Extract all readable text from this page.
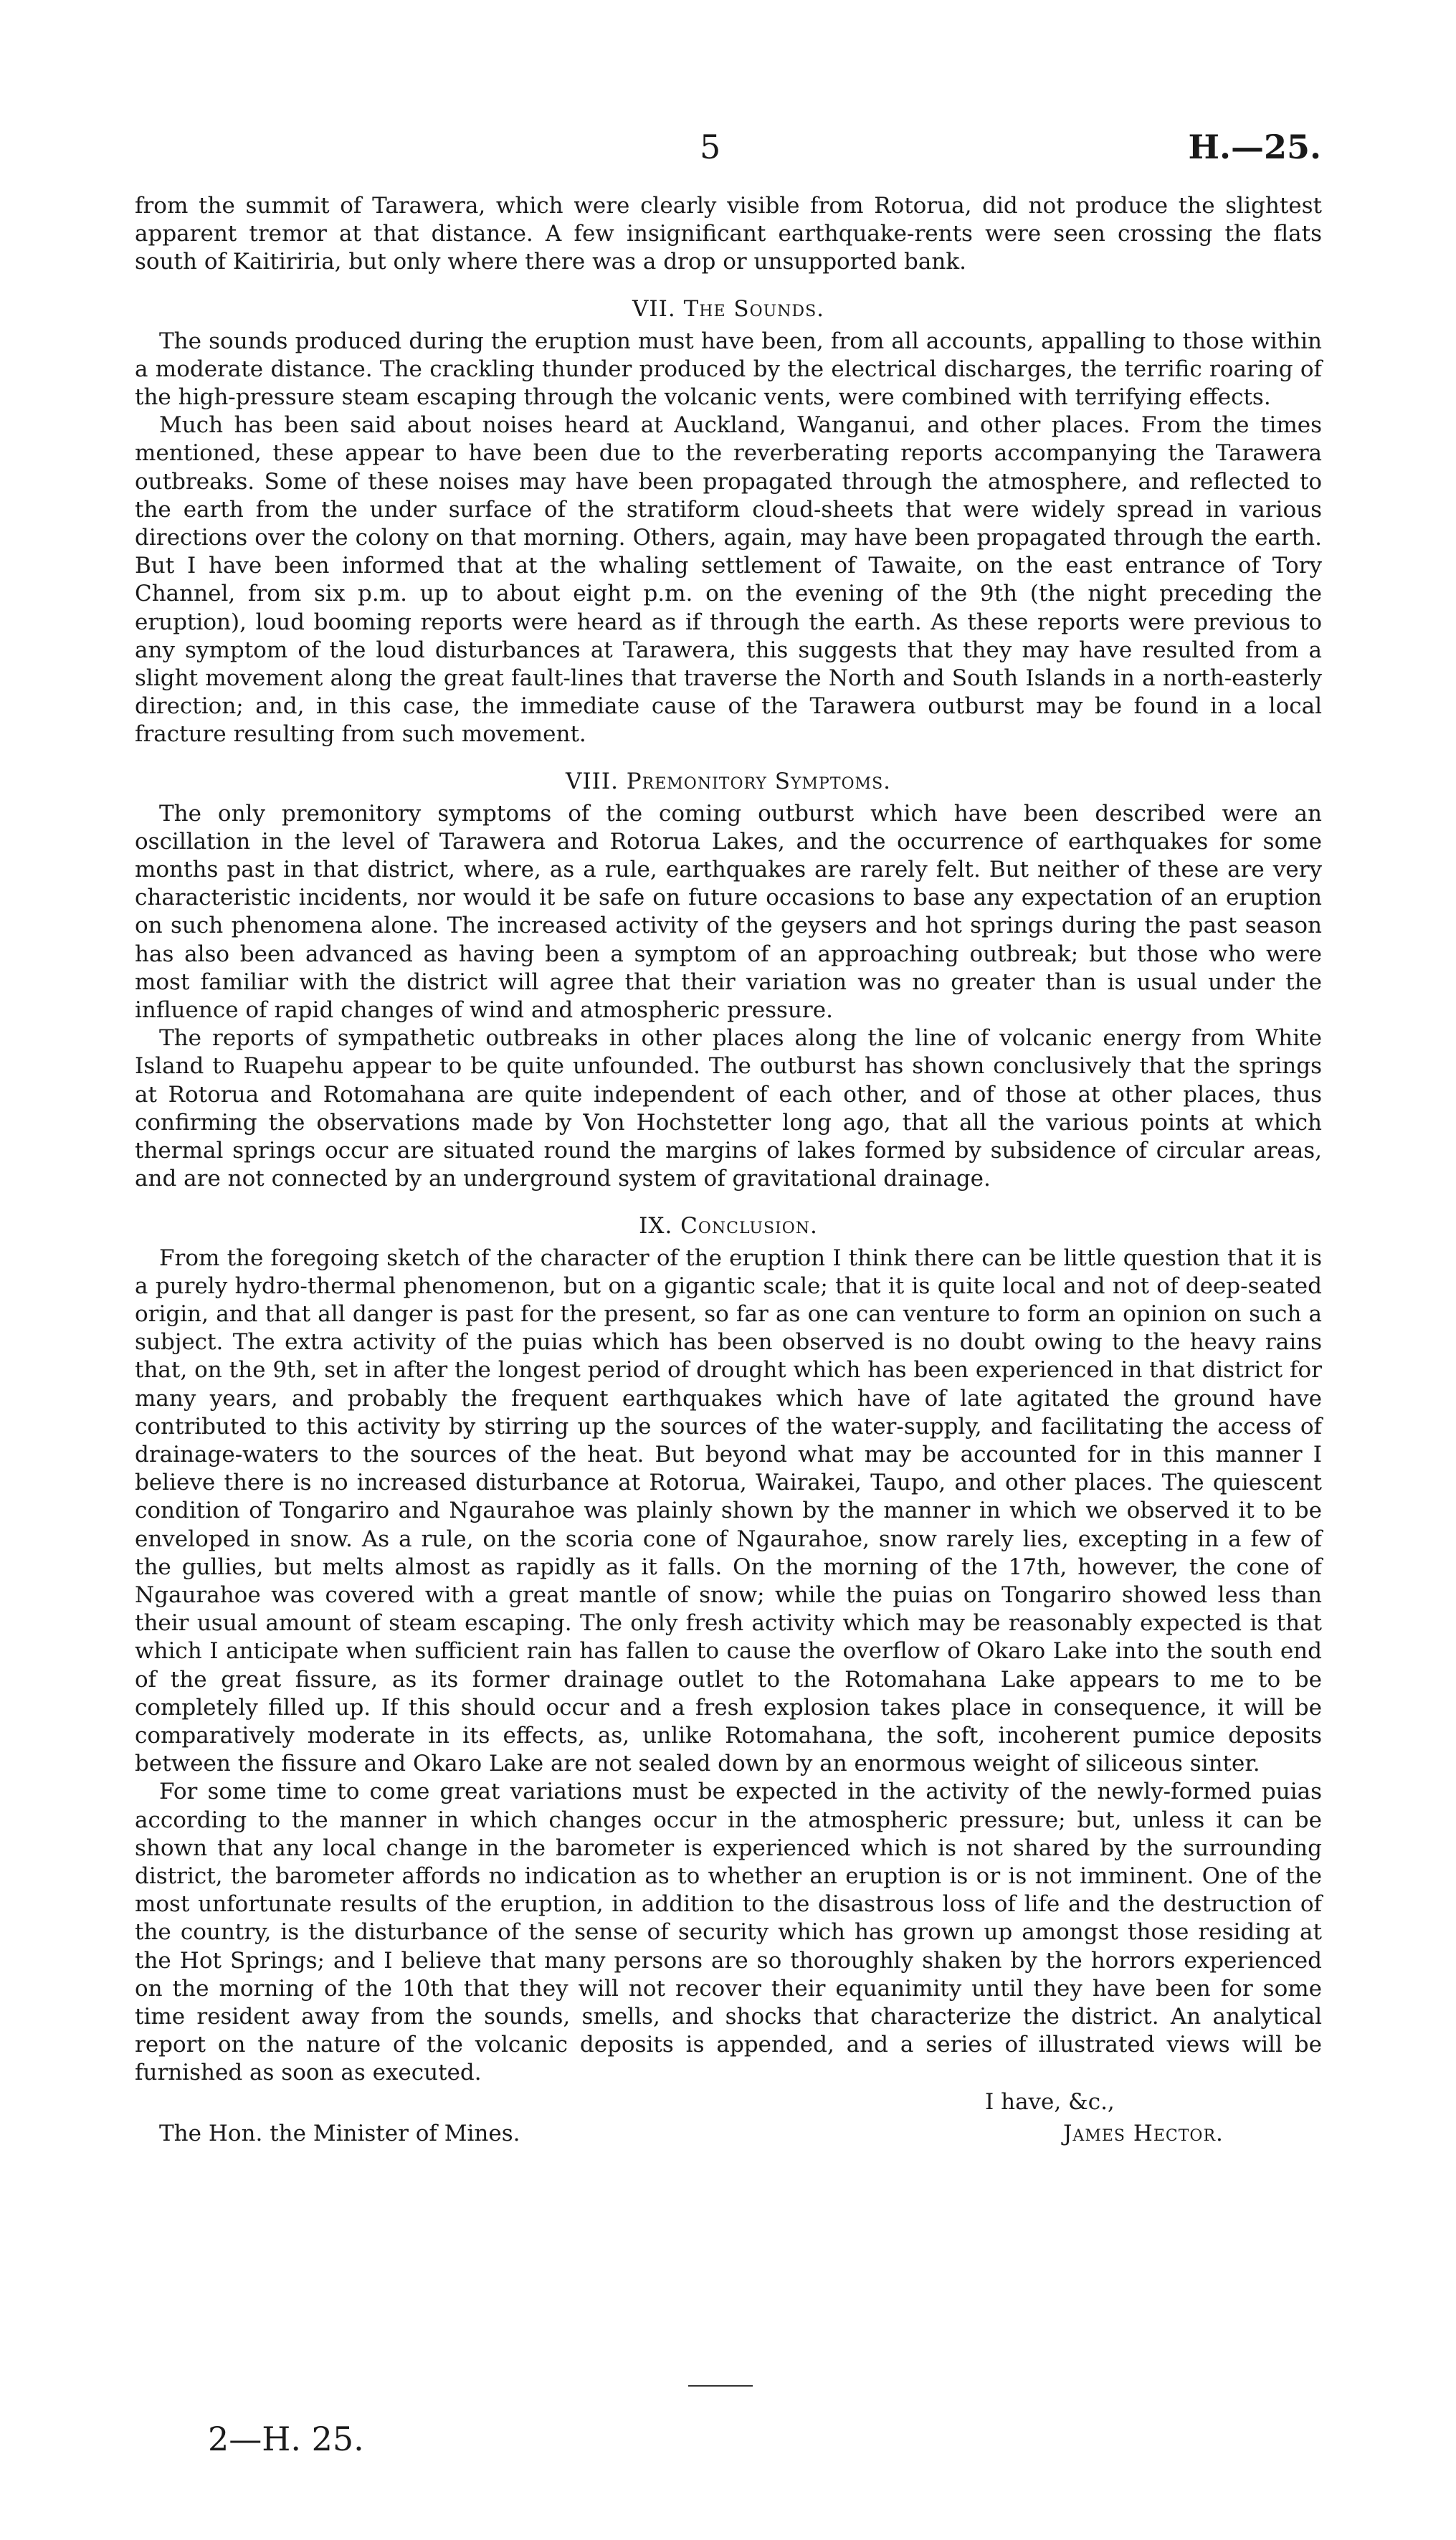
5	H.—25.

from the summit of Tarawera, which were clearly visible from Rotorua, did not produce the slightest apparent tremor at that distance. A few insignificant earthquake-rents were seen crossing the flats south of Kaitiriria, but only where there was a drop or unsupported bank.

VII. The Sounds.

The sounds produced during the eruption must have been, from all accounts, appalling to those within a moderate distance. The crackling thunder produced by the electrical discharges, the terrific roaring of the high-pressure steam escaping through the volcanic vents, were combined with terrifying effects.

Much has been said about noises heard at Auckland, Wanganui, and other places. From the times mentioned, these appear to have been due to the reverberating reports accompanying the Tarawera outbreaks. Some of these noises may have been propagated through the atmosphere, and reflected to the earth from the under surface of the stratiform cloud-sheets that were widely spread in various directions over the colony on that morning. Others, again, may have been propagated through the earth. But I have been informed that at the whaling settlement of Tawaite, on the east entrance of Tory Channel, from six p.m. up to about eight p.m. on the evening of the 9th (the night preceding the eruption), loud booming reports were heard as if through the earth. As these reports were previous to any symptom of the loud disturbances at Tarawera, this suggests that they may have resulted from a slight movement along the great fault-lines that traverse the North and South Islands in a north-easterly direction; and, in this case, the immediate cause of the Tarawera outburst may be found in a local fracture resulting from such movement.

VIII. Premonitory Symptoms.

The only premonitory symptoms of the coming outburst which have been described were an oscillation in the level of Tarawera and Rotorua Lakes, and the occurrence of earthquakes for some months past in that district, where, as a rule, earthquakes are rarely felt. But neither of these are very characteristic incidents, nor would it be safe on future occasions to base any expectation of an eruption on such phenomena alone. The increased activity of the geysers and hot springs during the past season has also been advanced as having been a symptom of an approaching outbreak; but those who were most familiar with the district will agree that their variation was no greater than is usual under the influence of rapid changes of wind and atmospheric pressure.

The reports of sympathetic outbreaks in other places along the line of volcanic energy from White Island to Ruapehu appear to be quite unfounded. The outburst has shown conclusively that the springs at Rotorua and Rotomahana are quite independent of each other, and of those at other places, thus confirming the observations made by Von Hochstetter long ago, that all the various points at which thermal springs occur are situated round the margins of lakes formed by subsidence of circular areas, and are not connected by an underground system of gravitational drainage.

IX. Conclusion.

From the foregoing sketch of the character of the eruption I think there can be little question that it is a purely hydro-thermal phenomenon, but on a gigantic scale; that it is quite local and not of deep-seated origin, and that all danger is past for the present, so far as one can venture to form an opinion on such a subject. The extra activity of the puias which has been observed is no doubt owing to the heavy rains that, on the 9th, set in after the longest period of drought which has been experienced in that district for many years, and probably the frequent earthquakes which have of late agitated the ground have contributed to this activity by stirring up the sources of the water-supply, and facilitating the access of drainage-waters to the sources of the heat. But beyond what may be accounted for in this manner I believe there is no increased disturbance at Rotorua, Wairakei, Taupo, and other places. The quiescent condition of Tongariro and Ngaurahoe was plainly shown by the manner in which we observed it to be enveloped in snow. As a rule, on the scoria cone of Ngaurahoe, snow rarely lies, excepting in a few of the gullies, but melts almost as rapidly as it falls. On the morning of the 17th, however, the cone of Ngaurahoe was covered with a great mantle of snow; while the puias on Tongariro showed less than their usual amount of steam escaping. The only fresh activity which may be reasonably expected is that which I anticipate when sufficient rain has fallen to cause the overflow of Okaro Lake into the south end of the great fissure, as its former drainage outlet to the Rotomahana Lake appears to me to be completely filled up. If this should occur and a fresh explosion takes place in consequence, it will be comparatively moderate in its effects, as, unlike Rotomahana, the soft, incoherent pumice deposits between the fissure and Okaro Lake are not sealed down by an enormous weight of siliceous sinter.

For some time to come great variations must be expected in the activity of the newly-formed puias according to the manner in which changes occur in the atmospheric pressure; but, unless it can be shown that any local change in the barometer is experienced which is not shared by the surrounding district, the barometer affords no indication as to whether an eruption is or is not imminent. One of the most unfortunate results of the eruption, in addition to the disastrous loss of life and the destruction of the country, is the disturbance of the sense of security which has grown up amongst those residing at the Hot Springs; and I believe that many persons are so thoroughly shaken by the horrors experienced on the morning of the 10th that they will not recover their equanimity until they have been for some time resident away from the sounds, smells, and shocks that characterize the district. An analytical report on the nature of the volcanic deposits is appended, and a series of illustrated views will be furnished as soon as executed.

I have, &c.,
The Hon. the Minister of Mines.	James Hector.
2—H. 25.
